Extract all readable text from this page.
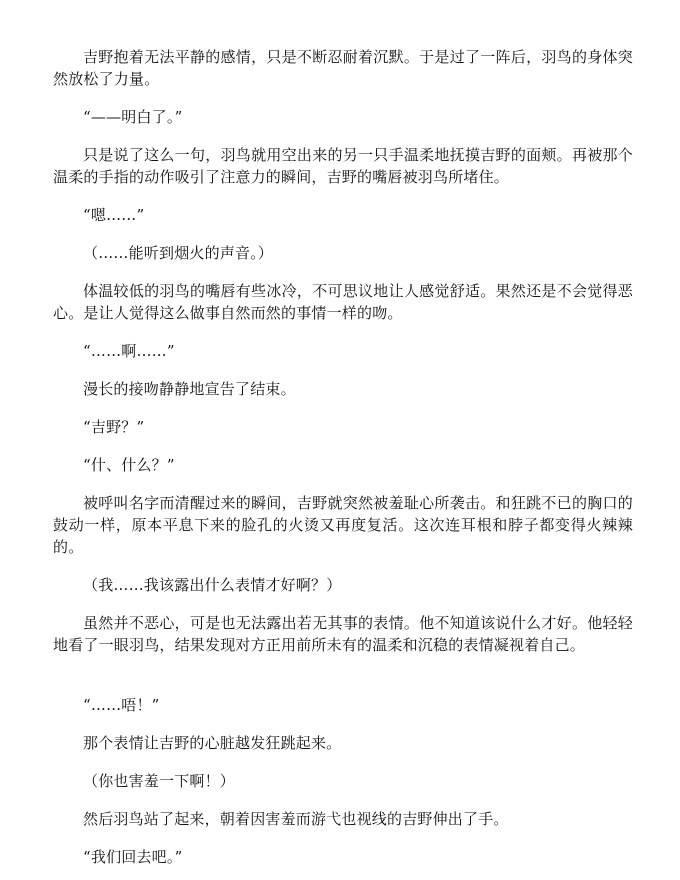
吉野抱着无法平静的感情，只是不断忍耐着沉默。于是过了一阵后，羽鸟的身体突然放松了力量。

“——明白了。”

只是说了这么一句，羽鸟就用空出来的另一只手温柔地抚摸吉野的面颊。再被那个温柔的手指的动作吸引了注意力的瞬间，吉野的嘴唇被羽鸟所堵住。

“嗯……”

（……能听到烟火的声音。）

体温较低的羽鸟的嘴唇有些冰冷，不可思议地让人感觉舒适。果然还是不会觉得恶心。是让人觉得这么做事自然而然的事情一样的吻。

“……啊……”

漫长的接吻静静地宣告了结束。

“吉野？”

“什、什么？”

被呼叫名字而清醒过来的瞬间，吉野就突然被羞耻心所袭击。和狂跳不已的胸口的鼓动一样，原本平息下来的脸孔的火烫又再度复活。这次连耳根和脖子都变得火辣辣的。

（我……我该露出什么表情才好啊？）

虽然并不恶心，可是也无法露出若无其事的表情。他不知道该说什么才好。他轻轻地看了一眼羽鸟，结果发现对方正用前所未有的温柔和沉稳的表情凝视着自己。

“……唔！”

那个表情让吉野的心脏越发狂跳起来。

（你也害羞一下啊！）

然后羽鸟站了起来，朝着因害羞而游弋也视线的吉野伸出了手。

“我们回去吧。”
